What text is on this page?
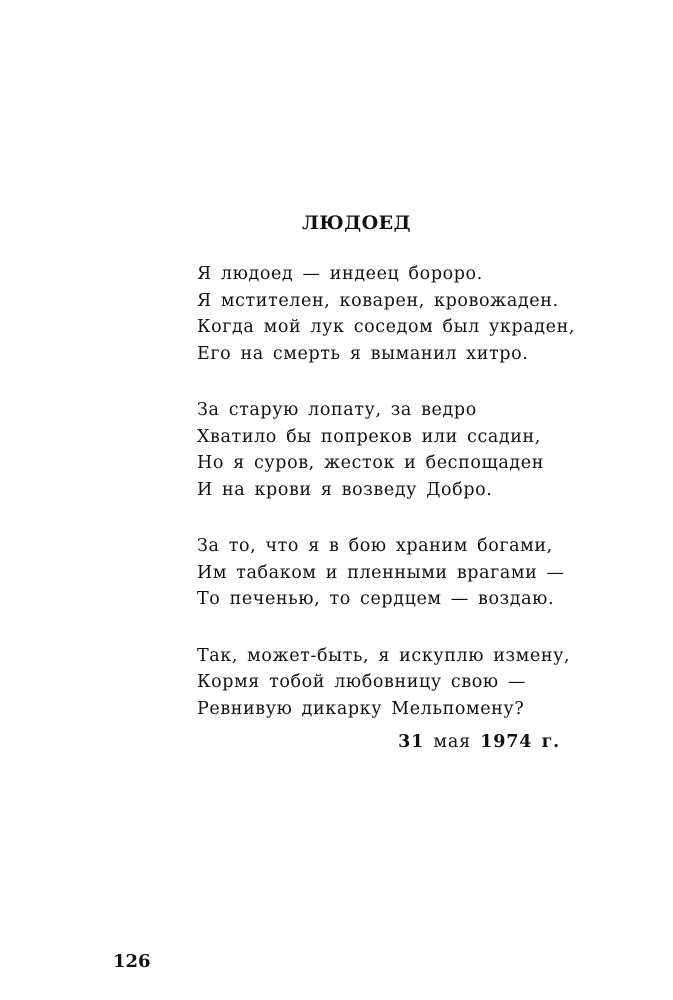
ЛЮДОЕД
Я людоед — индеец бороро.
Я мстителен, коварен, кровожаден.
Когда мой лук соседом был украден,
Его на смерть я выманил хитро.
За старую лопату, за ведро
Хватило бы попреков или ссадин,
Но я суров, жесток и беспощаден
И на крови я возведу Добро.
За то, что я в бою храним богами,
Им табаком и пленными врагами —
То печенью, то сердцем — воздаю.
Так, может-быть, я искуплю измену,
Кормя тобой любовницу свою —
Ревнивую дикарку Мельпомену?
31 мая 1974 г.
126
